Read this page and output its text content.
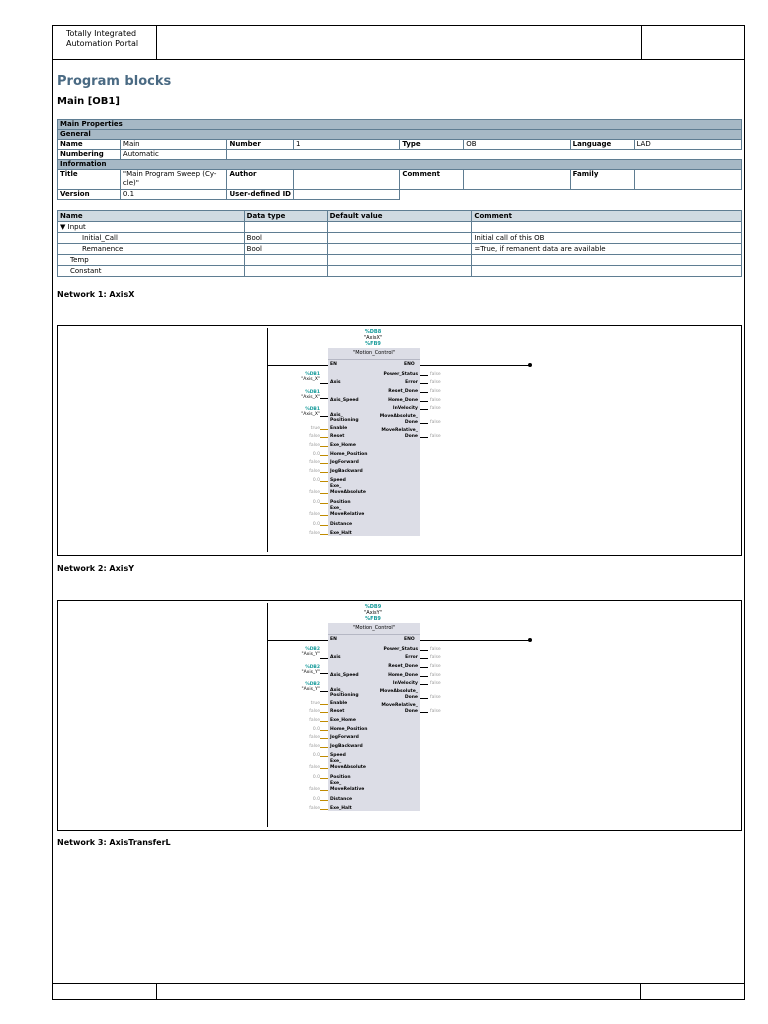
Totally Integrated
Automation Portal
Program blocks
Main [OB1]
Main Properties							
General							
Name	Main	Number	1	Type	OB	Language	LAD
Numbering	Automatic						
Information							
Title	"Main Program Sweep (Cy-
cle)"	Author		Comment		Family	
Version	0.1	User-defined ID					
Name	Data type	Default value	Comment
▼ Input			
Initial_Call	Bool		Initial call of this OB
Remanence	Bool		=True, if remanent data are available
Temp			
Constant			
Network 1: AxisX
%DB8
"AxisX"
%FB9
"Motion_Control"
EN	ENO
Axis
Axis_Speed
Axis_
Positioning
Enable
Reset
Exe_Home
Home_Position
JogForward
JogBackward
Speed
Exe_
MoveAbsolute
Position
Exe_
MoveRelative
Distance
Exe_Halt
%DB1
"Axis_X"
%DB1
"Axis_X"
%DB1
"Axis_X"
true
false
false
0.0
false
false
0.0
false
0.0
false
0.0
false
Power_Status
Error
Reset_Done
Home_Done
InVelocity
MoveAbsolute_
Done
MoveRelative_
Done
false
false
false
false
false
false
false
Network 2: AxisY
%DB9
"AxisY"
%FB9
"Motion_Control"
EN	ENO
Axis
Axis_Speed
Axis_
Positioning
Enable
Reset
Exe_Home
Home_Position
JogForward
JogBackward
Speed
Exe_
MoveAbsolute
Position
Exe_
MoveRelative
Distance
Exe_Halt
%DB2
"Axis_Y"
%DB2
"Axis_Y"
%DB2
"Axis_Y"
true
false
false
0.0
false
false
0.0
false
0.0
false
0.0
false
Power_Status
Error
Reset_Done
Home_Done
InVelocity
MoveAbsolute_
Done
MoveRelative_
Done
false
false
false
false
false
false
false
Network 3: AxisTransferL
